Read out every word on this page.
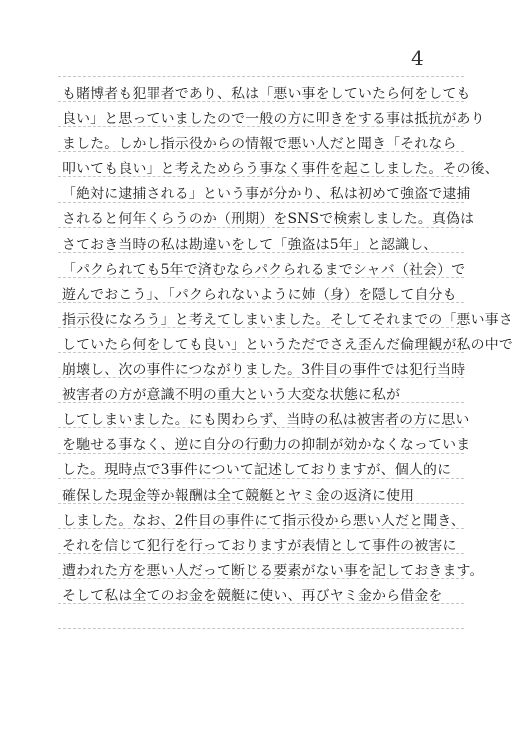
4
も賭博者も犯罪者であり、私は「悪い事をしていたら何をしても
良い」と思っていましたので一般の方に叩きをする事は抵抗があり
ました。しかし指示役からの情報で悪い人だと聞き「それなら
叩いても良い」と考えためらう事なく事件を起こしました。その後、
「絶対に逮捕される」という事が分かり、私は初めて強盗で逮捕
されると何年くらうのか（刑期）をSNSで検索しました。真偽は
さておき当時の私は勘違いをして「強盗は5年」と認識し、
「パクられても5年で済むならパクられるまでシャバ（社会）で
遊んでおこう」、「パクられないように姉（身）を隠して自分も
指示役になろう」と考えてしまいました。そしてそれまでの「悪い事さ
していたら何をしても良い」というただでさえ歪んだ倫理観が私の中で
崩壊し、次の事件につながりました。3件目の事件では犯行当時
被害者の方が意識不明の重大という大変な状態に私が
してしまいました。にも関わらず、当時の私は被害者の方に思い
を馳せる事なく、逆に自分の行動力の抑制が効かなくなっていま
した。現時点で3事件について記述しておりますが、個人的に
確保した現金等か報酬は全て競艇とヤミ金の返済に使用
しました。なお、2件目の事件にて指示役から悪い人だと聞き、
それを信じて犯行を行っておりますが表情として事件の被害に
遭われた方を悪い人だって断じる要素がない事を記しておきます。
そして私は全てのお金を競艇に使い、再びヤミ金から借金を
